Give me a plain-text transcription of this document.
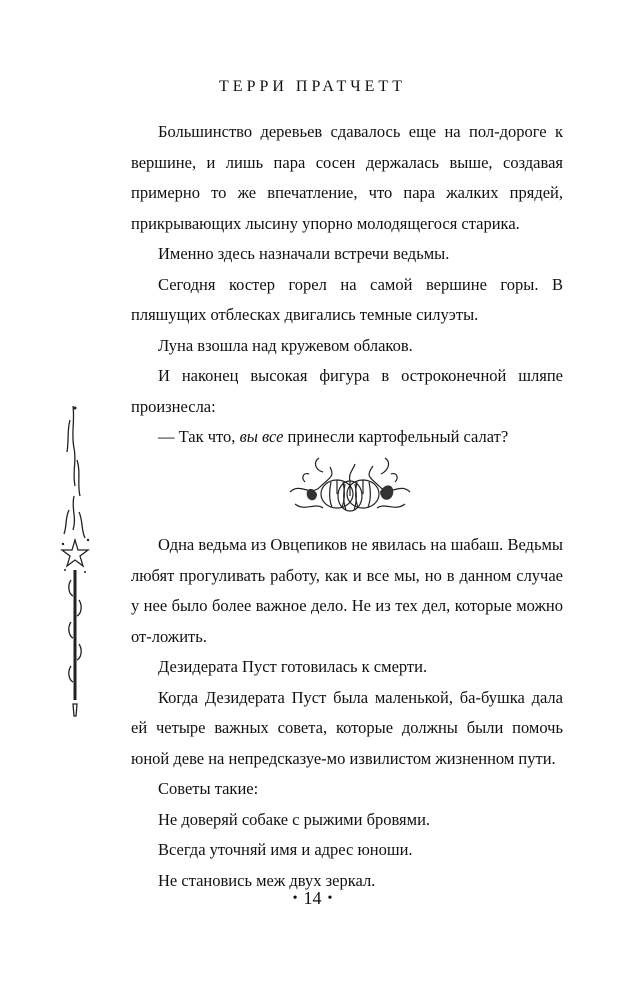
ТЕРРИ ПРАТЧЕТТ

Большинство деревьев сдавалось еще на пол-дороге к вершине, и лишь пара сосен держалась выше, создавая примерно то же впечатление, что пара жалких прядей, прикрывающих лысину упорно молодящегося старика.

Именно здесь назначали встречи ведьмы.

Сегодня костер горел на самой вершине горы. В пляшущих отблесках двигались темные силуэты.

Луна взошла над кружевом облаков.

И наконец высокая фигура в остроконечной шляпе произнесла:

— Так что, вы все принесли картофельный салат?

Одна ведьма из Овцепиков не явилась на шабаш. Ведьмы любят прогуливать работу, как и все мы, но в данном случае у нее было более важное дело. Не из тех дел, которые можно от-ложить.

Дезидерата Пуст готовилась к смерти.

Когда Дезидерата Пуст была маленькой, ба-бушка дала ей четыре важных совета, которые должны были помочь юной деве на непредсказуе-мо извилистом жизненном пути.

Советы такие:

Не доверяй собаке с рыжими бровями.

Всегда уточняй имя и адрес юноши.

Не становись меж двух зеркал.

• 14 •
